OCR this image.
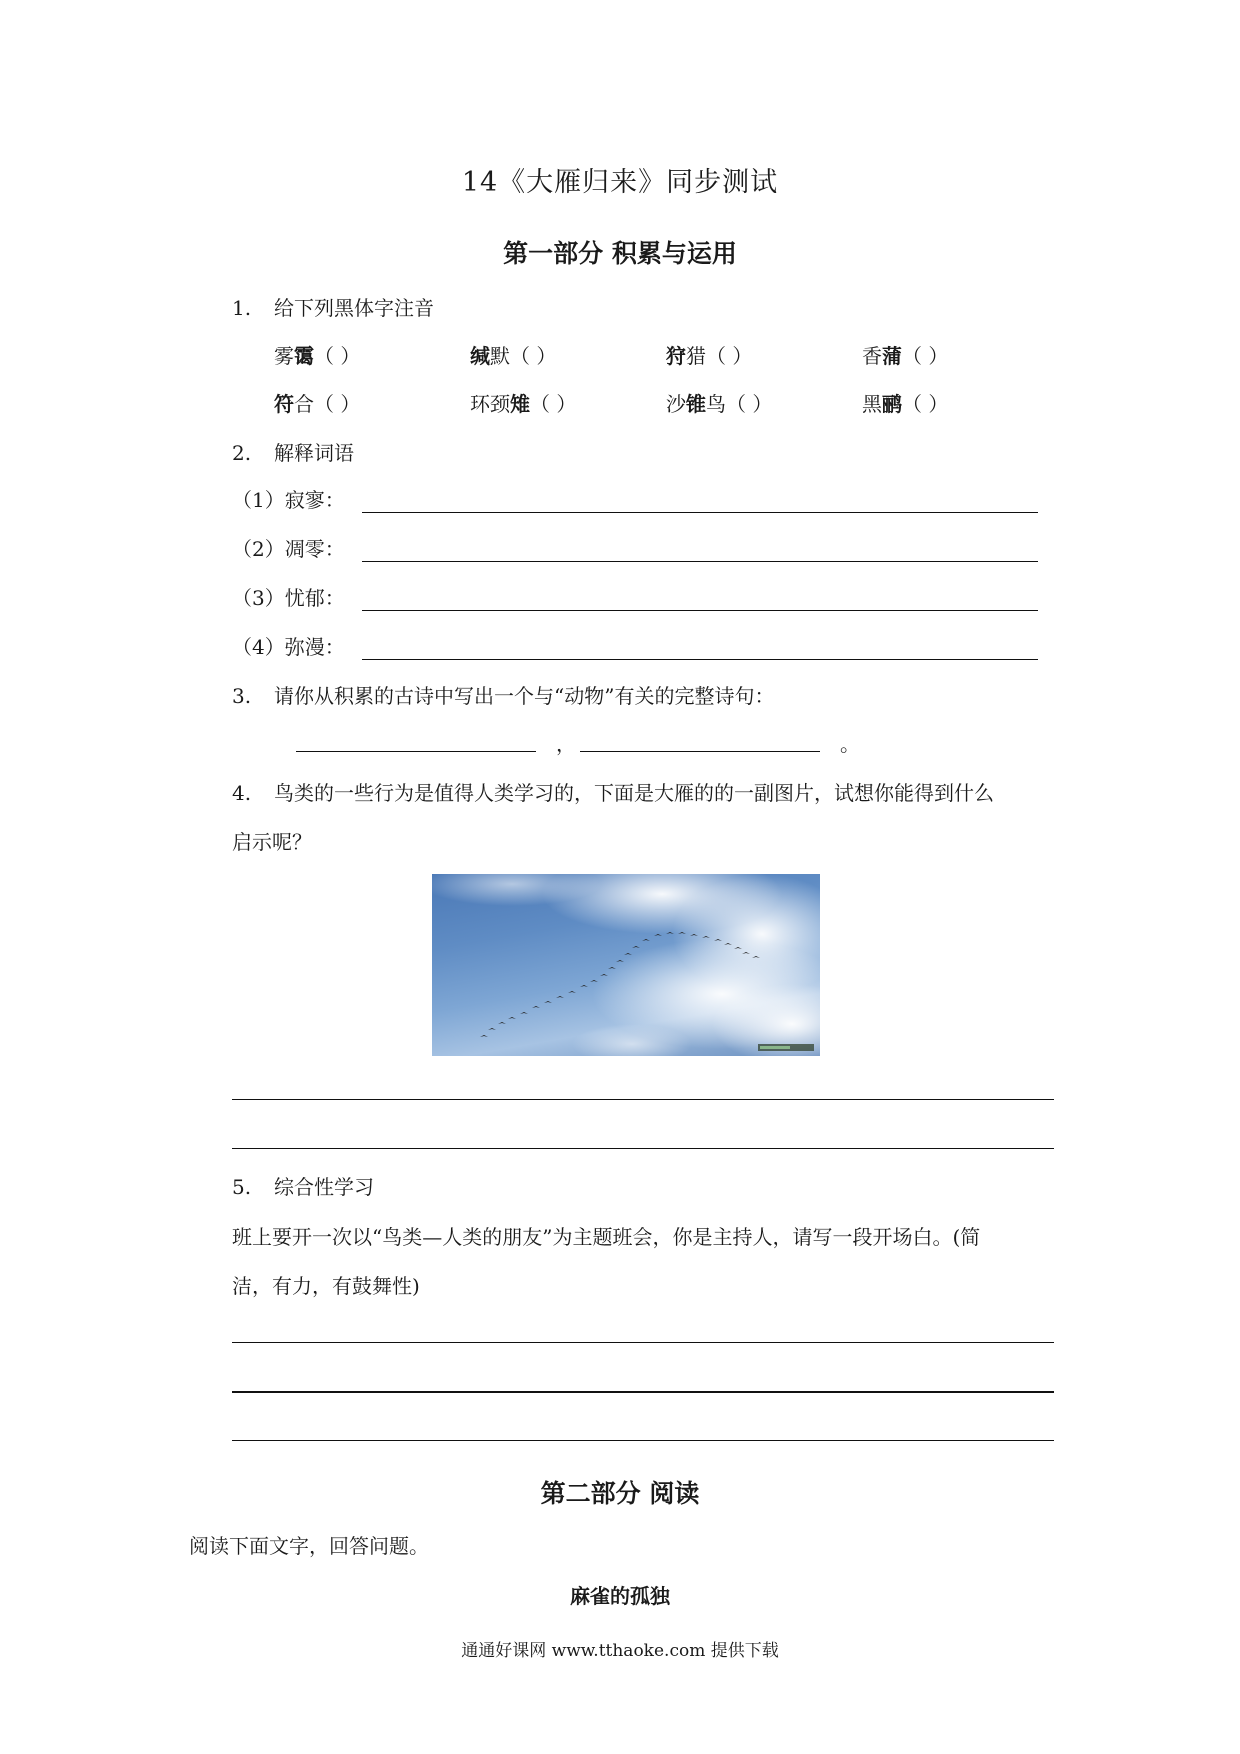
14《大雁归来》同步测试
第一部分 积累与运用
1. 给下列黑体字注音
雾霭（ ）	缄默（ ）	狩猎（ ）	香蒲（ ）
符合（ ）	环颈雉（ ）	沙锥鸟（ ）	黑鹂（ ）
2. 解释词语
（1）寂寥：
（2）凋零：
（3）忧郁：
（4）弥漫：
3. 请你从积累的古诗中写出一个与“动物”有关的完整诗句：
，	。
4. 鸟类的一些行为是值得人类学习的，下面是大雁的的一副图片，试想你能得到什么
启示呢？
5. 综合性学习
班上要开一次以“鸟类—人类的朋友”为主题班会，你是主持人，请写一段开场白。(简
洁，有力，有鼓舞性)
第二部分 阅读
阅读下面文字，回答问题。
麻雀的孤独
通通好课网 www.tthaoke.com 提供下载
